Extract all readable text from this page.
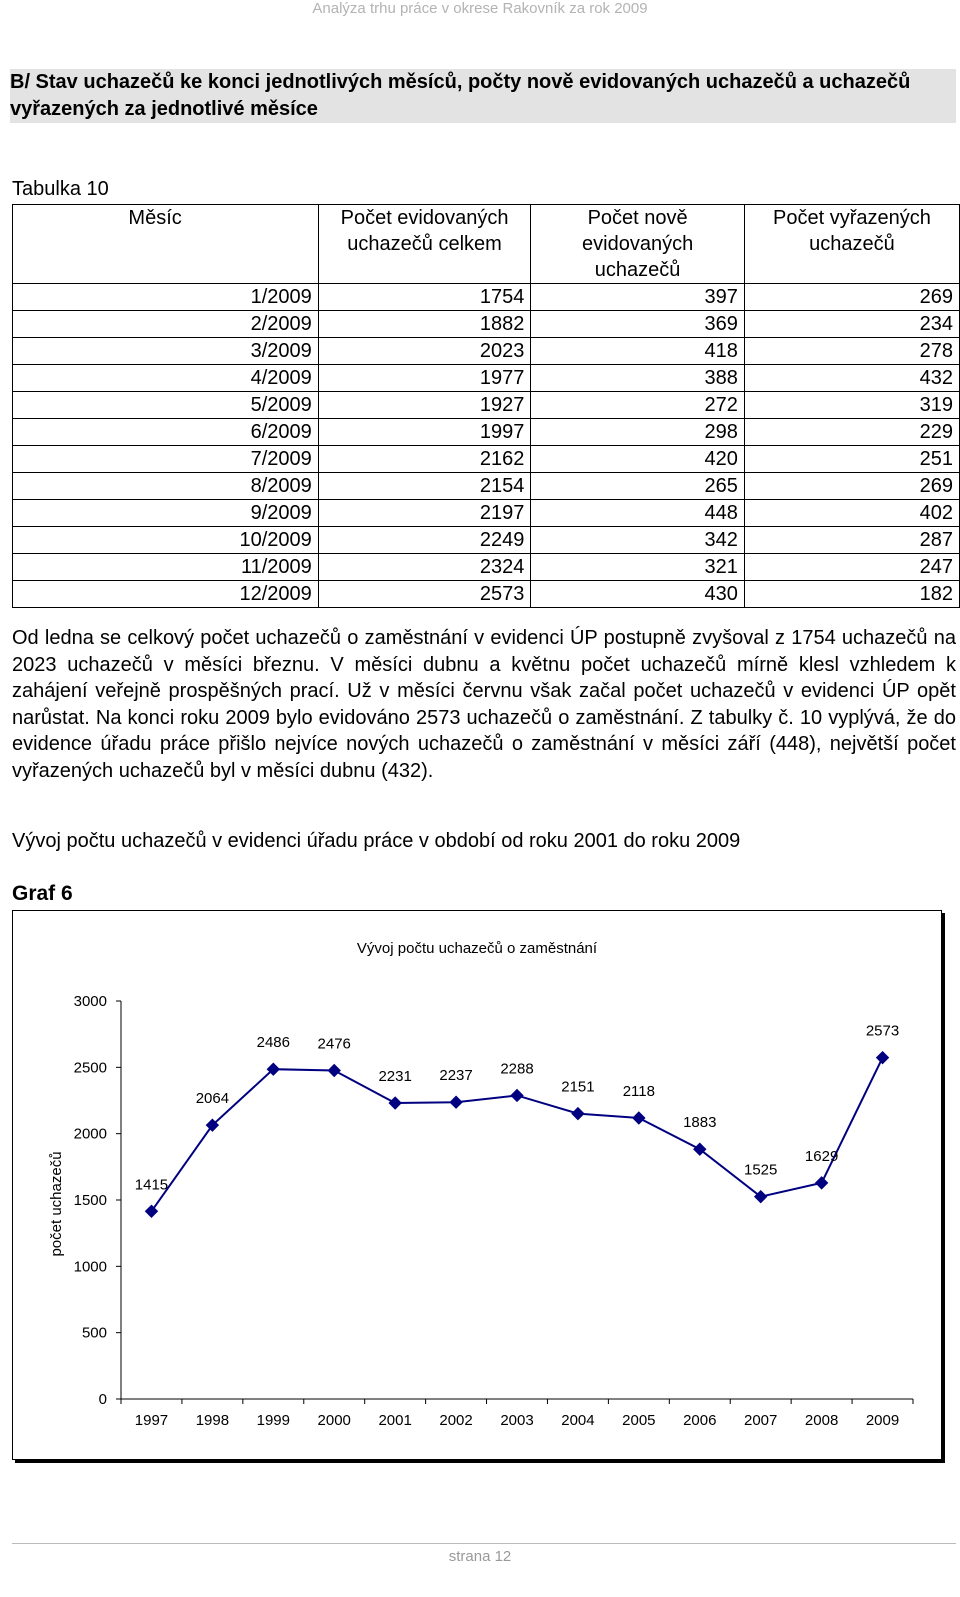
Analýza trhu práce v okrese Rakovník za rok 2009
B/ Stav uchazečů ke konci jednotlivých měsíců, počty nově evidovaných uchazečů a uchazečů vyřazených za jednotlivé měsíce
Tabulka 10
Měsíc	Počet evidovaných uchazečů celkem	Počet nově evidovaných uchazečů	Počet vyřazených uchazečů
1/2009	1754	397	269
2/2009	1882	369	234
3/2009	2023	418	278
4/2009	1977	388	432
5/2009	1927	272	319
6/2009	1997	298	229
7/2009	2162	420	251
8/2009	2154	265	269
9/2009	2197	448	402
10/2009	2249	342	287
11/2009	2324	321	247
12/2009	2573	430	182
Od ledna se celkový počet uchazečů o zaměstnání v evidenci ÚP postupně zvyšoval z 1754 uchazečů na 2023 uchazečů v měsíci březnu. V měsíci dubnu a květnu počet uchazečů mírně klesl vzhledem k zahájení veřejně prospěšných prací. Už v měsíci červnu však začal počet uchazečů v evidenci ÚP opět narůstat. Na konci roku 2009 bylo evidováno 2573 uchazečů o zaměstnání. Z tabulky č. 10 vyplývá, že do evidence úřadu práce přišlo nejvíce nových uchazečů o zaměstnání v měsíci září (448), největší počet vyřazených uchazečů byl v měsíci dubnu (432).
Vývoj počtu uchazečů v evidenci úřadu práce v období od roku 2001 do roku 2009
Graf 6
Vývoj počtu uchazečů o zaměstnání
počet uchazečů
0
500
1000
1500
2000
2500
3000
1997 1998 1999 2000 2001 2002 2003 2004 2005 2006 2007 2008 2009
1415
2064
2486 2476
2231 2237 2288
2151 2118
1883
1525
1629
2573
strana 12
